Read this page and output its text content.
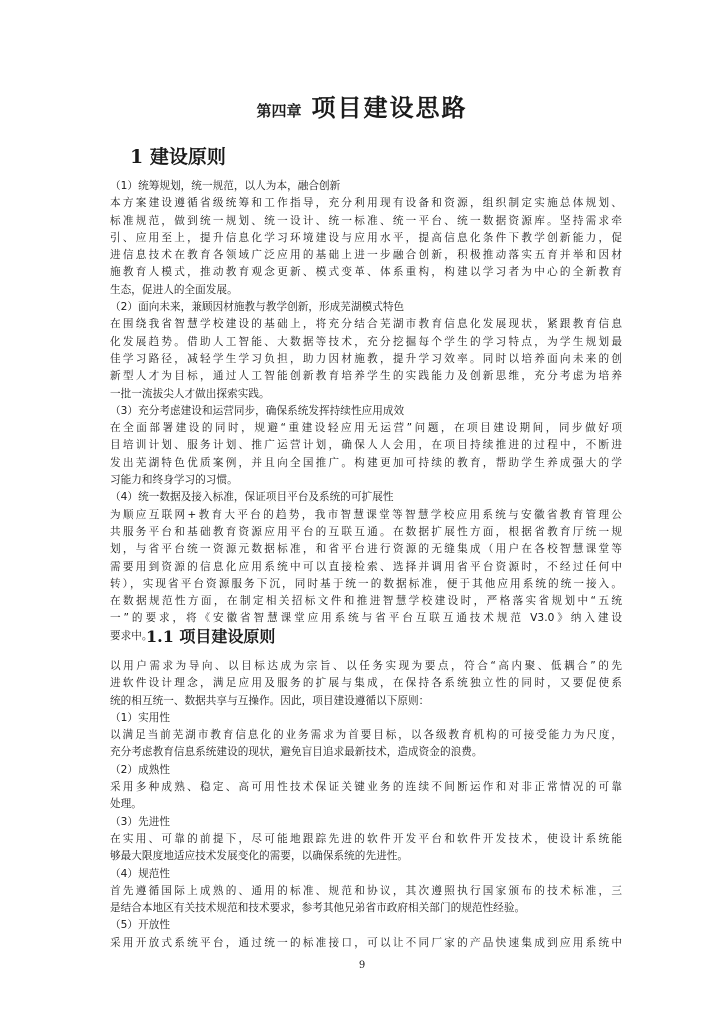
第四章 项目建设思路
1 建设原则
（1）统筹规划，统一规范，以人为本，融合创新
本方案建设遵循省级统筹和工作指导，充分利用现有设备和资源，组织制定实施总体规划、
标准规范，做到统一规划、统一设计、统一标准、统一平台、统一数据资源库。坚持需求牵
引、应用至上，提升信息化学习环境建设与应用水平，提高信息化条件下教学创新能力，促
进信息技术在教育各领域广泛应用的基础上进一步融合创新，积极推动落实五育并举和因材
施教育人模式，推动教育观念更新、模式变革、体系重构，构建以学习者为中心的全新教育
生态，促进人的全面发展。
（2）面向未来，兼顾因材施教与教学创新，形成芜湖模式特色
在围绕我省智慧学校建设的基础上，将充分结合芜湖市教育信息化发展现状，紧跟教育信息
化发展趋势。借助人工智能、大数据等技术，充分挖掘每个学生的学习特点，为学生规划最
佳学习路径，减轻学生学习负担，助力因材施教，提升学习效率。同时以培养面向未来的创
新型人才为目标，通过人工智能创新教育培养学生的实践能力及创新思维，充分考虑为培养
一批一流拔尖人才做出探索实践。
（3）充分考虑建设和运营同步，确保系统发挥持续性应用成效
在全面部署建设的同时，规避“重建设轻应用无运营”问题，在项目建设期间，同步做好项
目培训计划、服务计划、推广运营计划，确保人人会用，在项目持续推进的过程中，不断进
发出芜湖特色优质案例，并且向全国推广。构建更加可持续的教育，帮助学生养成强大的学
习能力和终身学习的习惯。
（4）统一数据及接入标准，保证项目平台及系统的可扩展性
为顺应互联网+教育大平台的趋势，我市智慧课堂等智慧学校应用系统与安徽省教育管理公
共服务平台和基础教育资源应用平台的互联互通。在数据扩展性方面，根据省教育厅统一规
划，与省平台统一资源元数据标准，和省平台进行资源的无缝集成（用户在各校智慧课堂等
需要用到资源的信息化应用系统中可以直接检索、选择并调用省平台资源时，不经过任何中
转），实现省平台资源服务下沉，同时基于统一的数据标准，便于其他应用系统的统一接入。
在数据规范性方面，在制定相关招标文件和推进智慧学校建设时，严格落实省规划中“五统
一”的要求，将《安徽省智慧课堂应用系统与省平台互联互通技术规范 V3.0》纳入建设
要求中。
1.1 项目建设原则
以用户需求为导向、以目标达成为宗旨、以任务实现为要点，符合“高内聚、低耦合”的先
进软件设计理念，满足应用及服务的扩展与集成，在保持各系统独立性的同时，又要促使系
统的相互统一、数据共享与互操作。因此，项目建设遵循以下原则：
（1）实用性
以满足当前芜湖市教育信息化的业务需求为首要目标，以各级教育机构的可接受能力为尺度，
充分考虑教育信息系统建设的现状，避免盲目追求最新技术，造成资金的浪费。
（2）成熟性
采用多种成熟、稳定、高可用性技术保证关键业务的连续不间断运作和对非正常情况的可靠
处理。
（3）先进性
在实用、可靠的前提下，尽可能地跟踪先进的软件开发平台和软件开发技术，使设计系统能
够最大限度地适应技术发展变化的需要，以确保系统的先进性。
（4）规范性
首先遵循国际上成熟的、通用的标准、规范和协议，其次遵照执行国家颁布的技术标准，三
是结合本地区有关技术规范和技术要求，参考其他兄弟省市政府相关部门的规范性经验。
（5）开放性
采用开放式系统平台，通过统一的标准接口，可以让不同厂家的产品快速集成到应用系统中
9
